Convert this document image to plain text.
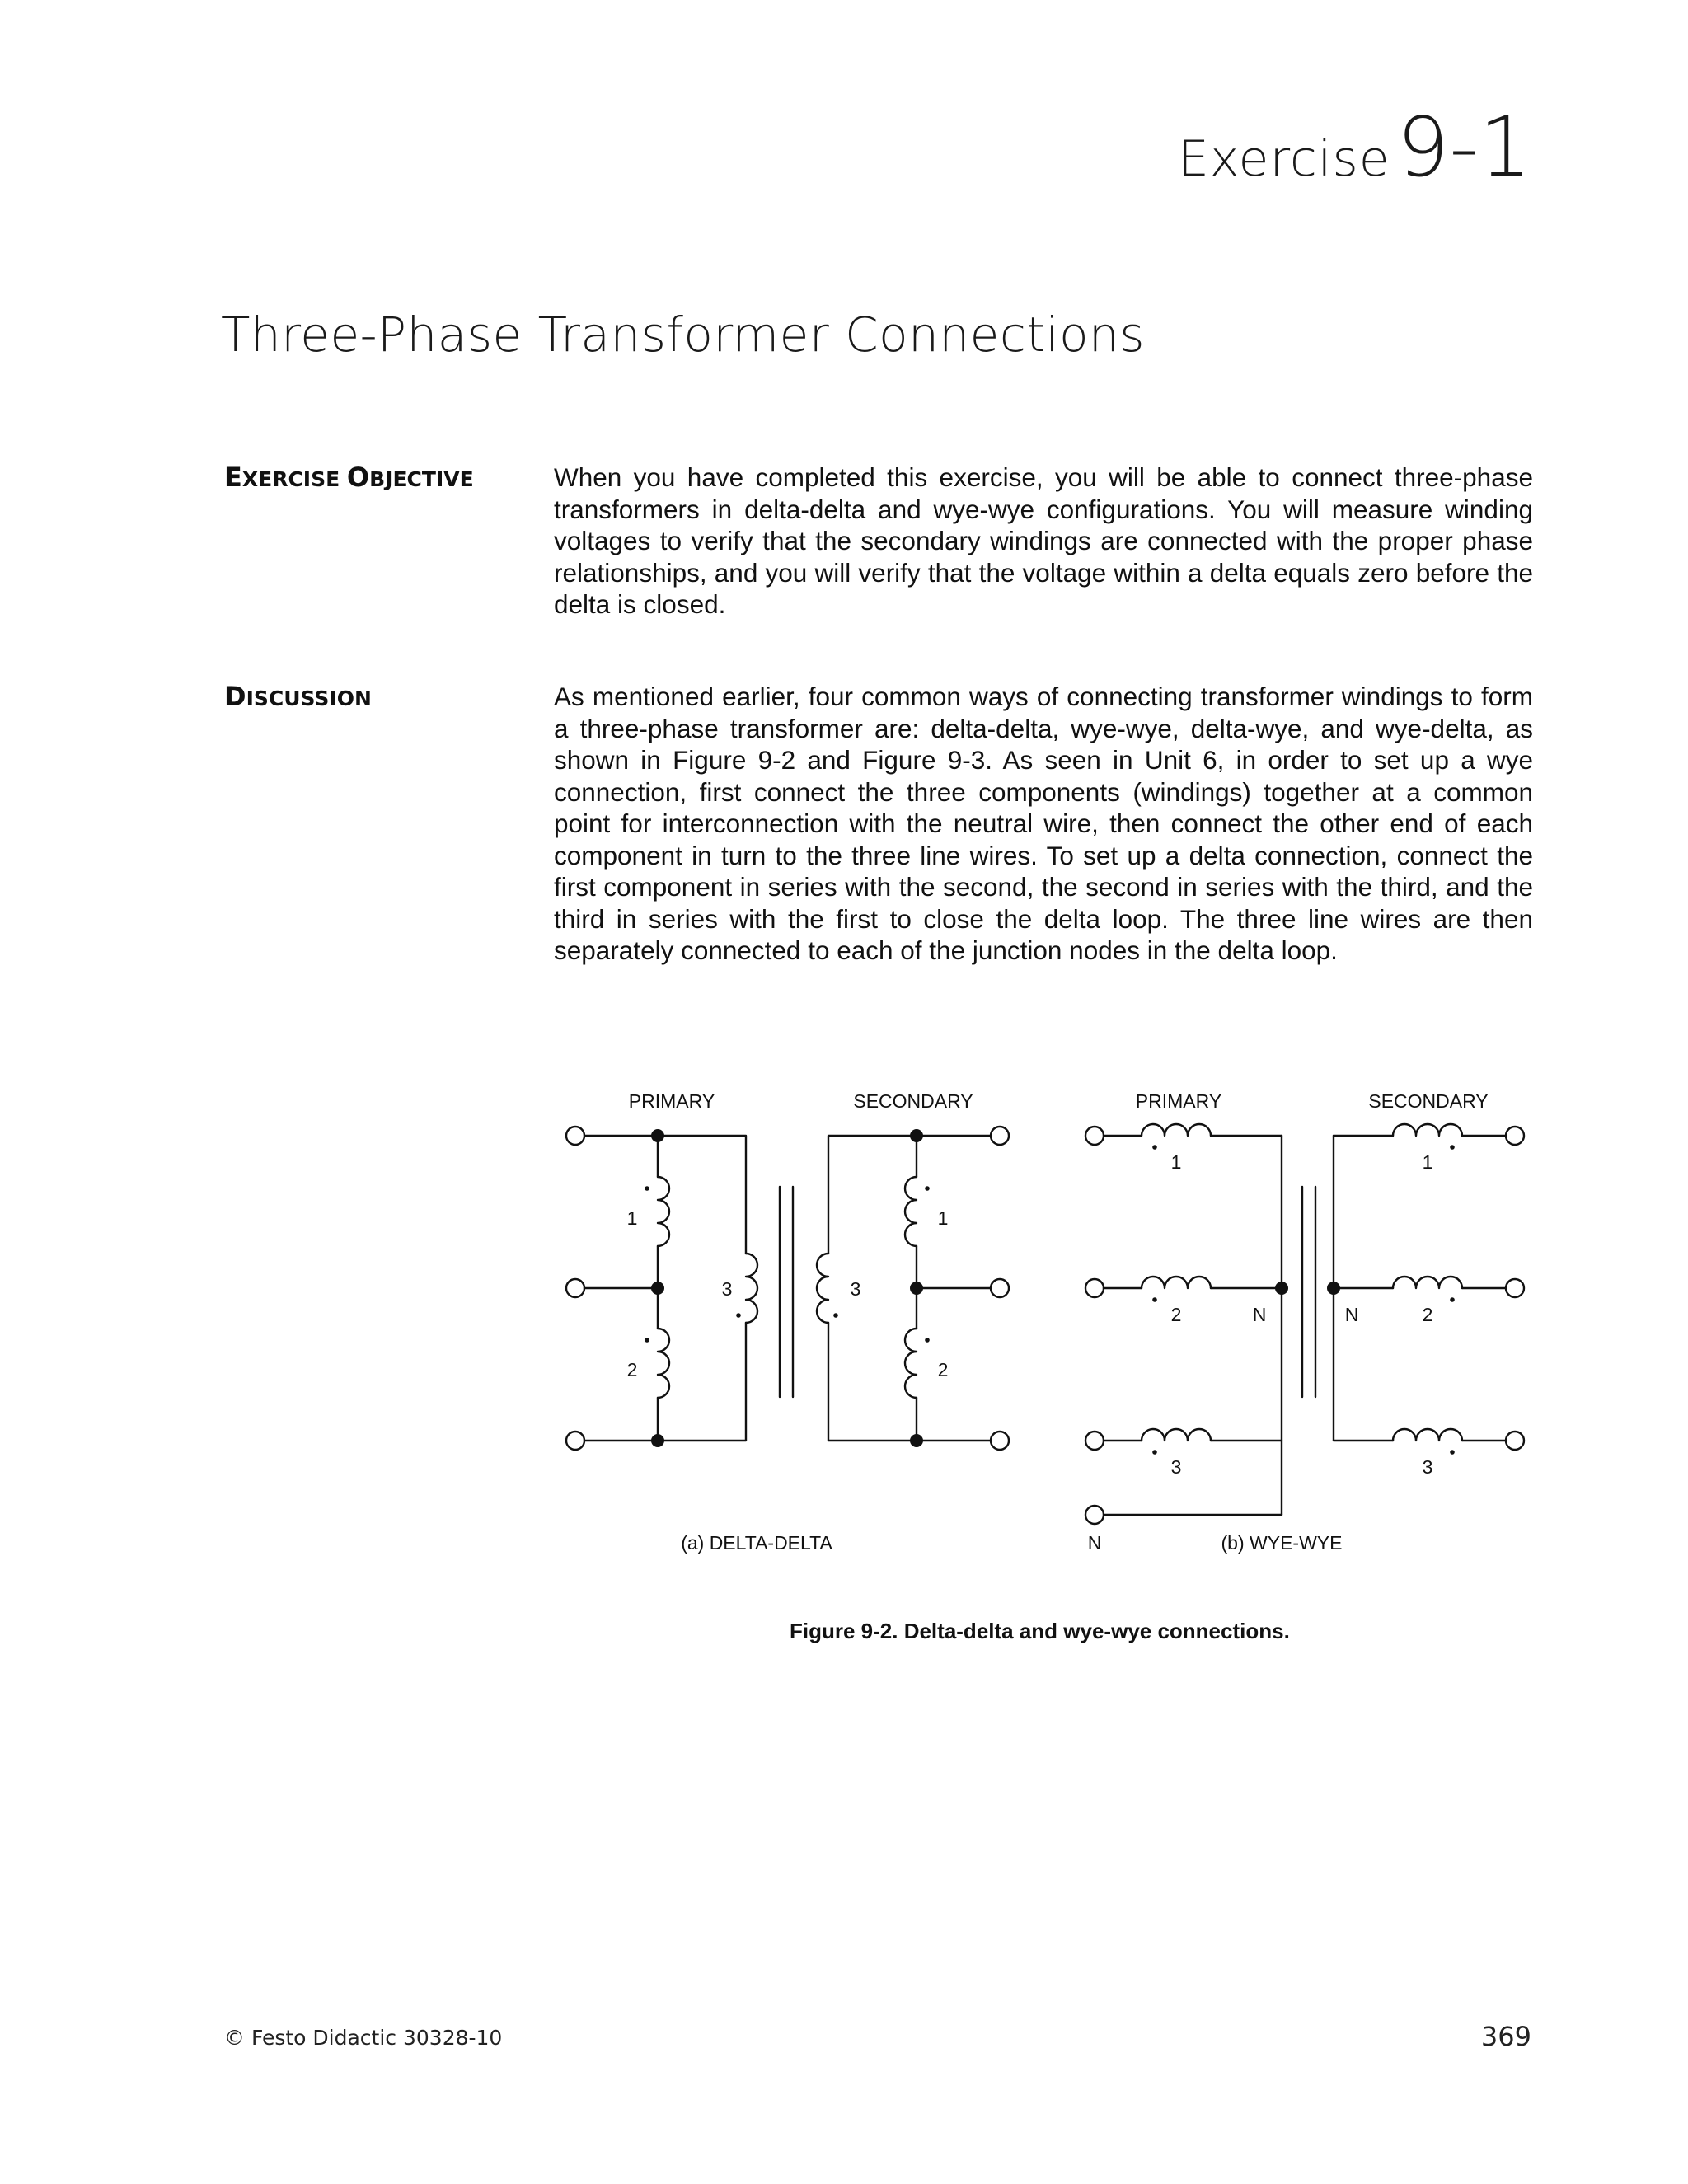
Exercise9-1
Three-Phase Transformer Connections
EXERCISE OBJECTIVE	When you have completed this exercise, you will be able to connect three-phase transformers in delta-delta and wye-wye configurations. You will measure winding voltages to verify that the secondary windings are connected with the proper phase relationships, and you will verify that the voltage within a delta equals zero before the delta is closed.
DISCUSSION	As mentioned earlier, four common ways of connecting transformer windings to form a three-phase transformer are: delta-delta, wye-wye, delta-wye, and wye-delta, as shown in Figure 9-2 and Figure 9-3. As seen in Unit 6, in order to set up a wye connection, first connect the three components (windings) together at a common point for interconnection with the neutral wire, then connect the other end of each component in turn to the three line wires. To set up a delta connection, connect the first component in series with the second, the second in series with the third, and the third in series with the first to close the delta loop. The three line wires are then separately connected to each of the junction nodes in the delta loop.
PRIMARY	SECONDARY
1
2
3
1
2
3
PRIMARY	SECONDARY
1
2
3
1
2
3
N	N
N
(a) DELTA-DELTA	(b) WYE-WYE
Figure 9-2. Delta-delta and wye-wye connections.
© Festo Didactic 30328-10	369
